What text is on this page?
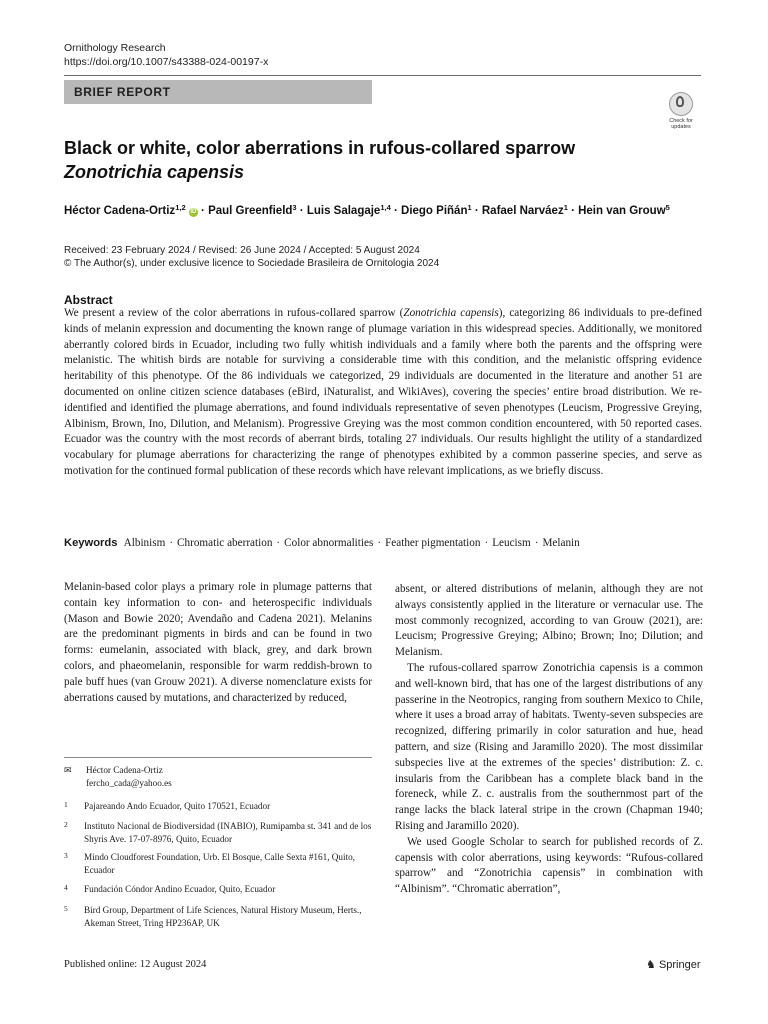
Ornithology Research
https://doi.org/10.1007/s43388-024-00197-x
BRIEF REPORT
Check for updates
Black or white, color aberrations in rufous-collared sparrow
Zonotrichia capensis
Héctor Cadena-Ortiz$^{1,2}$ iD · Paul Greenfield$^3$ · Luis Salagaje$^{1,4}$ · Diego Piñán$^1$ · Rafael Narváez$^1$ · Hein van Grouw$^5$
Received: 23 February 2024 / Revised: 26 June 2024 / Accepted: 5 August 2024
© The Author(s), under exclusive licence to Sociedade Brasileira de Ornitologia 2024
Abstract

We present a review of the color aberrations in rufous-collared sparrow (Zonotrichia capensis), categorizing 86 individuals to pre-defined kinds of melanin expression and documenting the known range of plumage variation in this widespread species. Additionally, we monitored aberrantly colored birds in Ecuador, including two fully whitish individuals and a family where both the parents and the offspring were melanistic. The whitish birds are notable for surviving a considerable time with this condition, and the melanistic offspring evidence heritability of this phenotype. Of the 86 individuals we categorized, 29 individuals are documented in the literature and another 51 are documented on online citizen science databases (eBird, iNaturalist, and WikiAves), covering the species’ entire broad distribution. We re-identified and identified the plumage aberrations, and found individuals representative of seven phenotypes (Leucism, Progressive Greying, Albinism, Brown, Ino, Dilution, and Melanism). Progressive Greying was the most common condition encountered, with 50 reported cases. Ecuador was the country with the most records of aberrant birds, totaling 27 individuals. Our results highlight the utility of a standardized vocabulary for plumage aberrations for characterizing the range of phenotypes exhibited by a common passerine species, and serve as motivation for the continued formal publication of these records which have relevant implications, as we briefly discuss.

Keywords Albinism · Chromatic aberration · Color abnormalities · Feather pigmentation · Leucism · Melanin

Melanin-based color plays a primary role in plumage patterns that contain key information to con- and heterospecific individuals (Mason and Bowie 2020; Avendaño and Cadena 2021). Melanins are the predominant pigments in birds and can be found in two forms: eumelanin, associated with black, grey, and dark brown colors, and phaeomelanin, responsible for warm reddish-brown to pale buff hues (van Grouw 2021). A diverse nomenclature exists for aberrations caused by mutations, and characterized by reduced,

absent, or altered distributions of melanin, although they are not always consistently applied in the literature or vernacular use. The most commonly recognized, according to van Grouw (2021), are: Leucism; Progressive Greying; Albino; Brown; Ino; Dilution; and Melanism.

The rufous-collared sparrow Zonotrichia capensis is a common and well-known bird, that has one of the largest distributions of any passerine in the Neotropics, ranging from southern Mexico to Chile, where it uses a broad array of habitats. Twenty-seven subspecies are recognized, differing primarily in color saturation and hue, head pattern, and size (Rising and Jaramillo 2020). The most dissimilar subspecies live at the extremes of the species’ distribution: Z. c. insularis from the Caribbean has a complete black band in the foreneck, while Z. c. australis from the southernmost part of the range lacks the black lateral stripe in the crown (Chapman 1940; Rising and Jaramillo 2020).

We used Google Scholar to search for published records of Z. capensis with color aberrations, using keywords: “Rufous-collared sparrow” and “Zonotrichia capensis” in combination with “Albinism”. “Chromatic aberration”,

✉ Héctor Cadena-Ortiz
fercho_cada@yahoo.es
1	Pajareando Ando Ecuador, Quito 170521, Ecuador
2	Instituto Nacional de Biodiversidad (INABIO), Rumipamba st. 341 and de los Shyris Ave. 17-07-8976, Quito, Ecuador
3	Mindo Cloudforest Foundation, Urb. El Bosque, Calle Sexta #161, Quito, Ecuador
4	Fundación Cóndor Andino Ecuador, Quito, Ecuador
5	Bird Group, Department of Life Sciences, Natural History Museum, Herts., Akeman Street, Tring HP236AP, UK
Published online: 12 August 2024	♞ Springer
